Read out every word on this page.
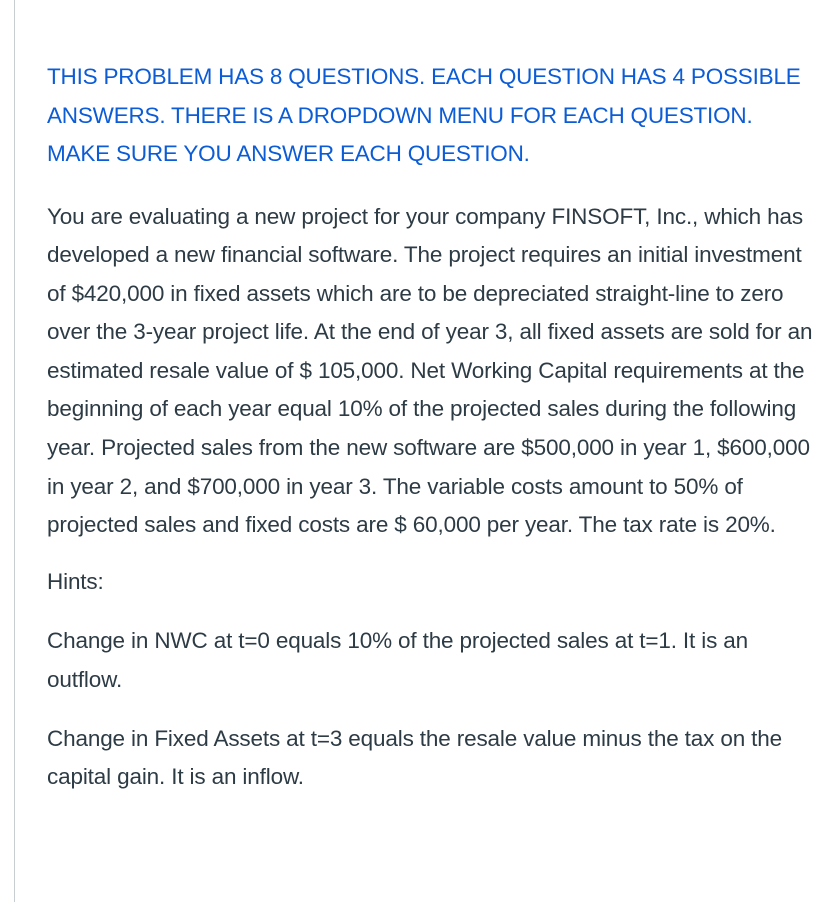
THIS PROBLEM HAS 8 QUESTIONS. EACH QUESTION HAS 4 POSSIBLE ANSWERS. THERE IS A DROPDOWN MENU FOR EACH QUESTION. MAKE SURE YOU ANSWER EACH QUESTION.

You are evaluating a new project for your company FINSOFT, Inc., which has developed a new financial software. The project requires an initial investment of $420,000 in fixed assets which are to be depreciated straight-line to zero over the 3-year project life. At the end of year 3, all fixed assets are sold for an estimated resale value of $ 105,000. Net Working Capital requirements at the beginning of each year equal 10% of the projected sales during the following year. Projected sales from the new software are $500,000 in year 1, $600,000 in year 2, and $700,000 in year 3. The variable costs amount to 50% of projected sales and fixed costs are $ 60,000 per year. The tax rate is 20%.

Hints:

Change in NWC at t=0 equals 10% of the projected sales at t=1. It is an outflow.

Change in Fixed Assets at t=3 equals the resale value minus the tax on the capital gain. It is an inflow.
